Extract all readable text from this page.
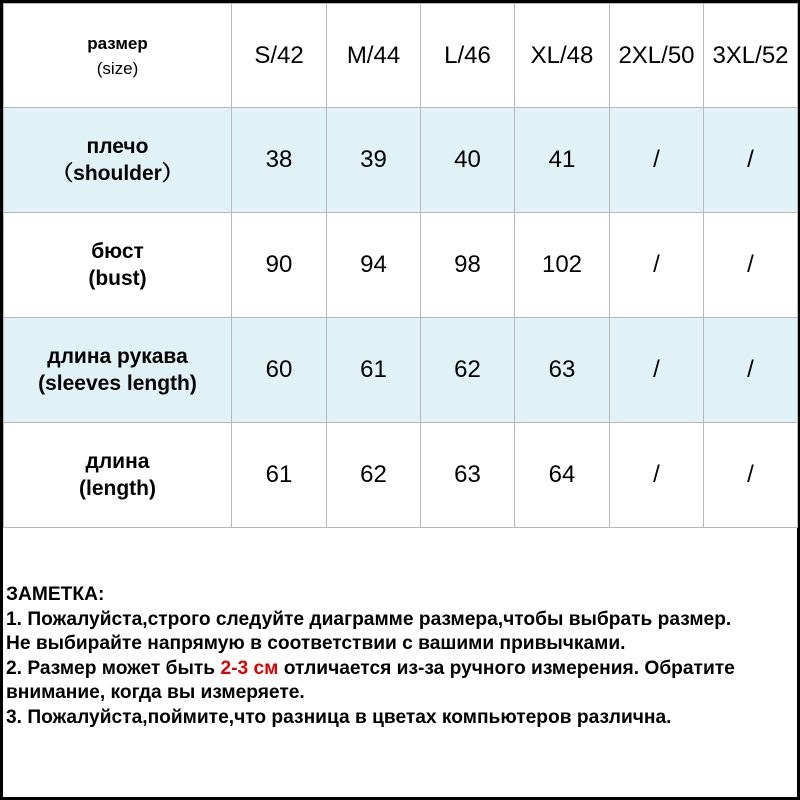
размер
(size)	S/42	M/44	L/46	XL/48	2XL/50	3XL/52

плечо
（shoulder）	38	39	40	41	/	/

бюст
(bust)	90	94	98	102	/	/

длина рукава
(sleeves length)	60	61	62	63	/	/

длина
(length)	61	62	63	64	/	/
ЗАМЕТКА:
1. Пожалуйста,строго следуйте диаграмме размера,чтобы выбрать размер.
Не выбирайте напрямую в соответствии с вашими привычками.
2. Размер может быть 2-3 см отличается из-за ручного измерения. Обратите
внимание, когда вы измеряете.
3. Пожалуйста,поймите,что разница в цветах компьютеров различна.
